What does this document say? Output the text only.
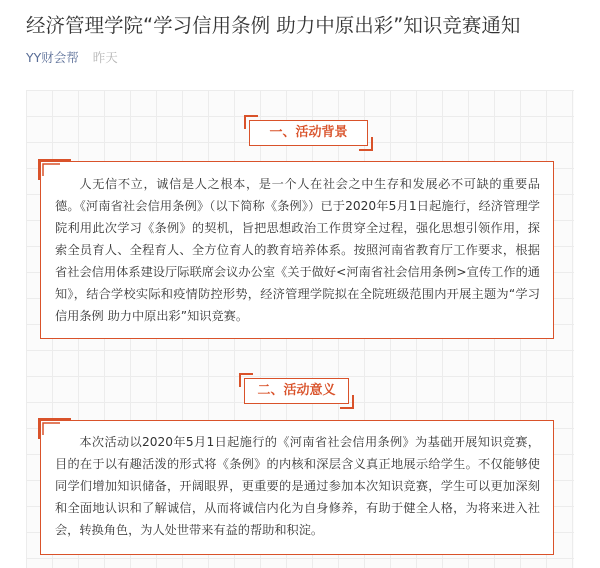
经济管理学院“学习信用条例 助力中原出彩”知识竞赛通知
YY财会帮 昨天
一、活动背景

人无信不立，诚信是人之根本，是一个人在社会之中生存和发展必不可缺的重要品德。《河南省社会信用条例》（以下简称《条例》）已于2020年5月1日起施行，经济管理学院利用此次学习《条例》的契机，旨把思想政治工作贯穿全过程，强化思想引领作用，探索全员育人、全程育人、全方位育人的教育培养体系。按照河南省教育厅工作要求，根据省社会信用体系建设厅际联席会议办公室《关于做好<河南省社会信用条例>宣传工作的通知》，结合学校实际和疫情防控形势，经济管理学院拟在全院班级范围内开展主题为“学习信用条例 助力中原出彩”知识竞赛。

二、活动意义

本次活动以2020年5月1日起施行的《河南省社会信用条例》为基础开展知识竞赛，目的在于以有趣活泼的形式将《条例》的内核和深层含义真正地展示给学生。不仅能够使同学们增加知识储备，开阔眼界，更重要的是通过参加本次知识竞赛，学生可以更加深刻和全面地认识和了解诚信，从而将诚信内化为自身修养，有助于健全人格，为将来进入社会，转换角色，为人处世带来有益的帮助和积淀。
